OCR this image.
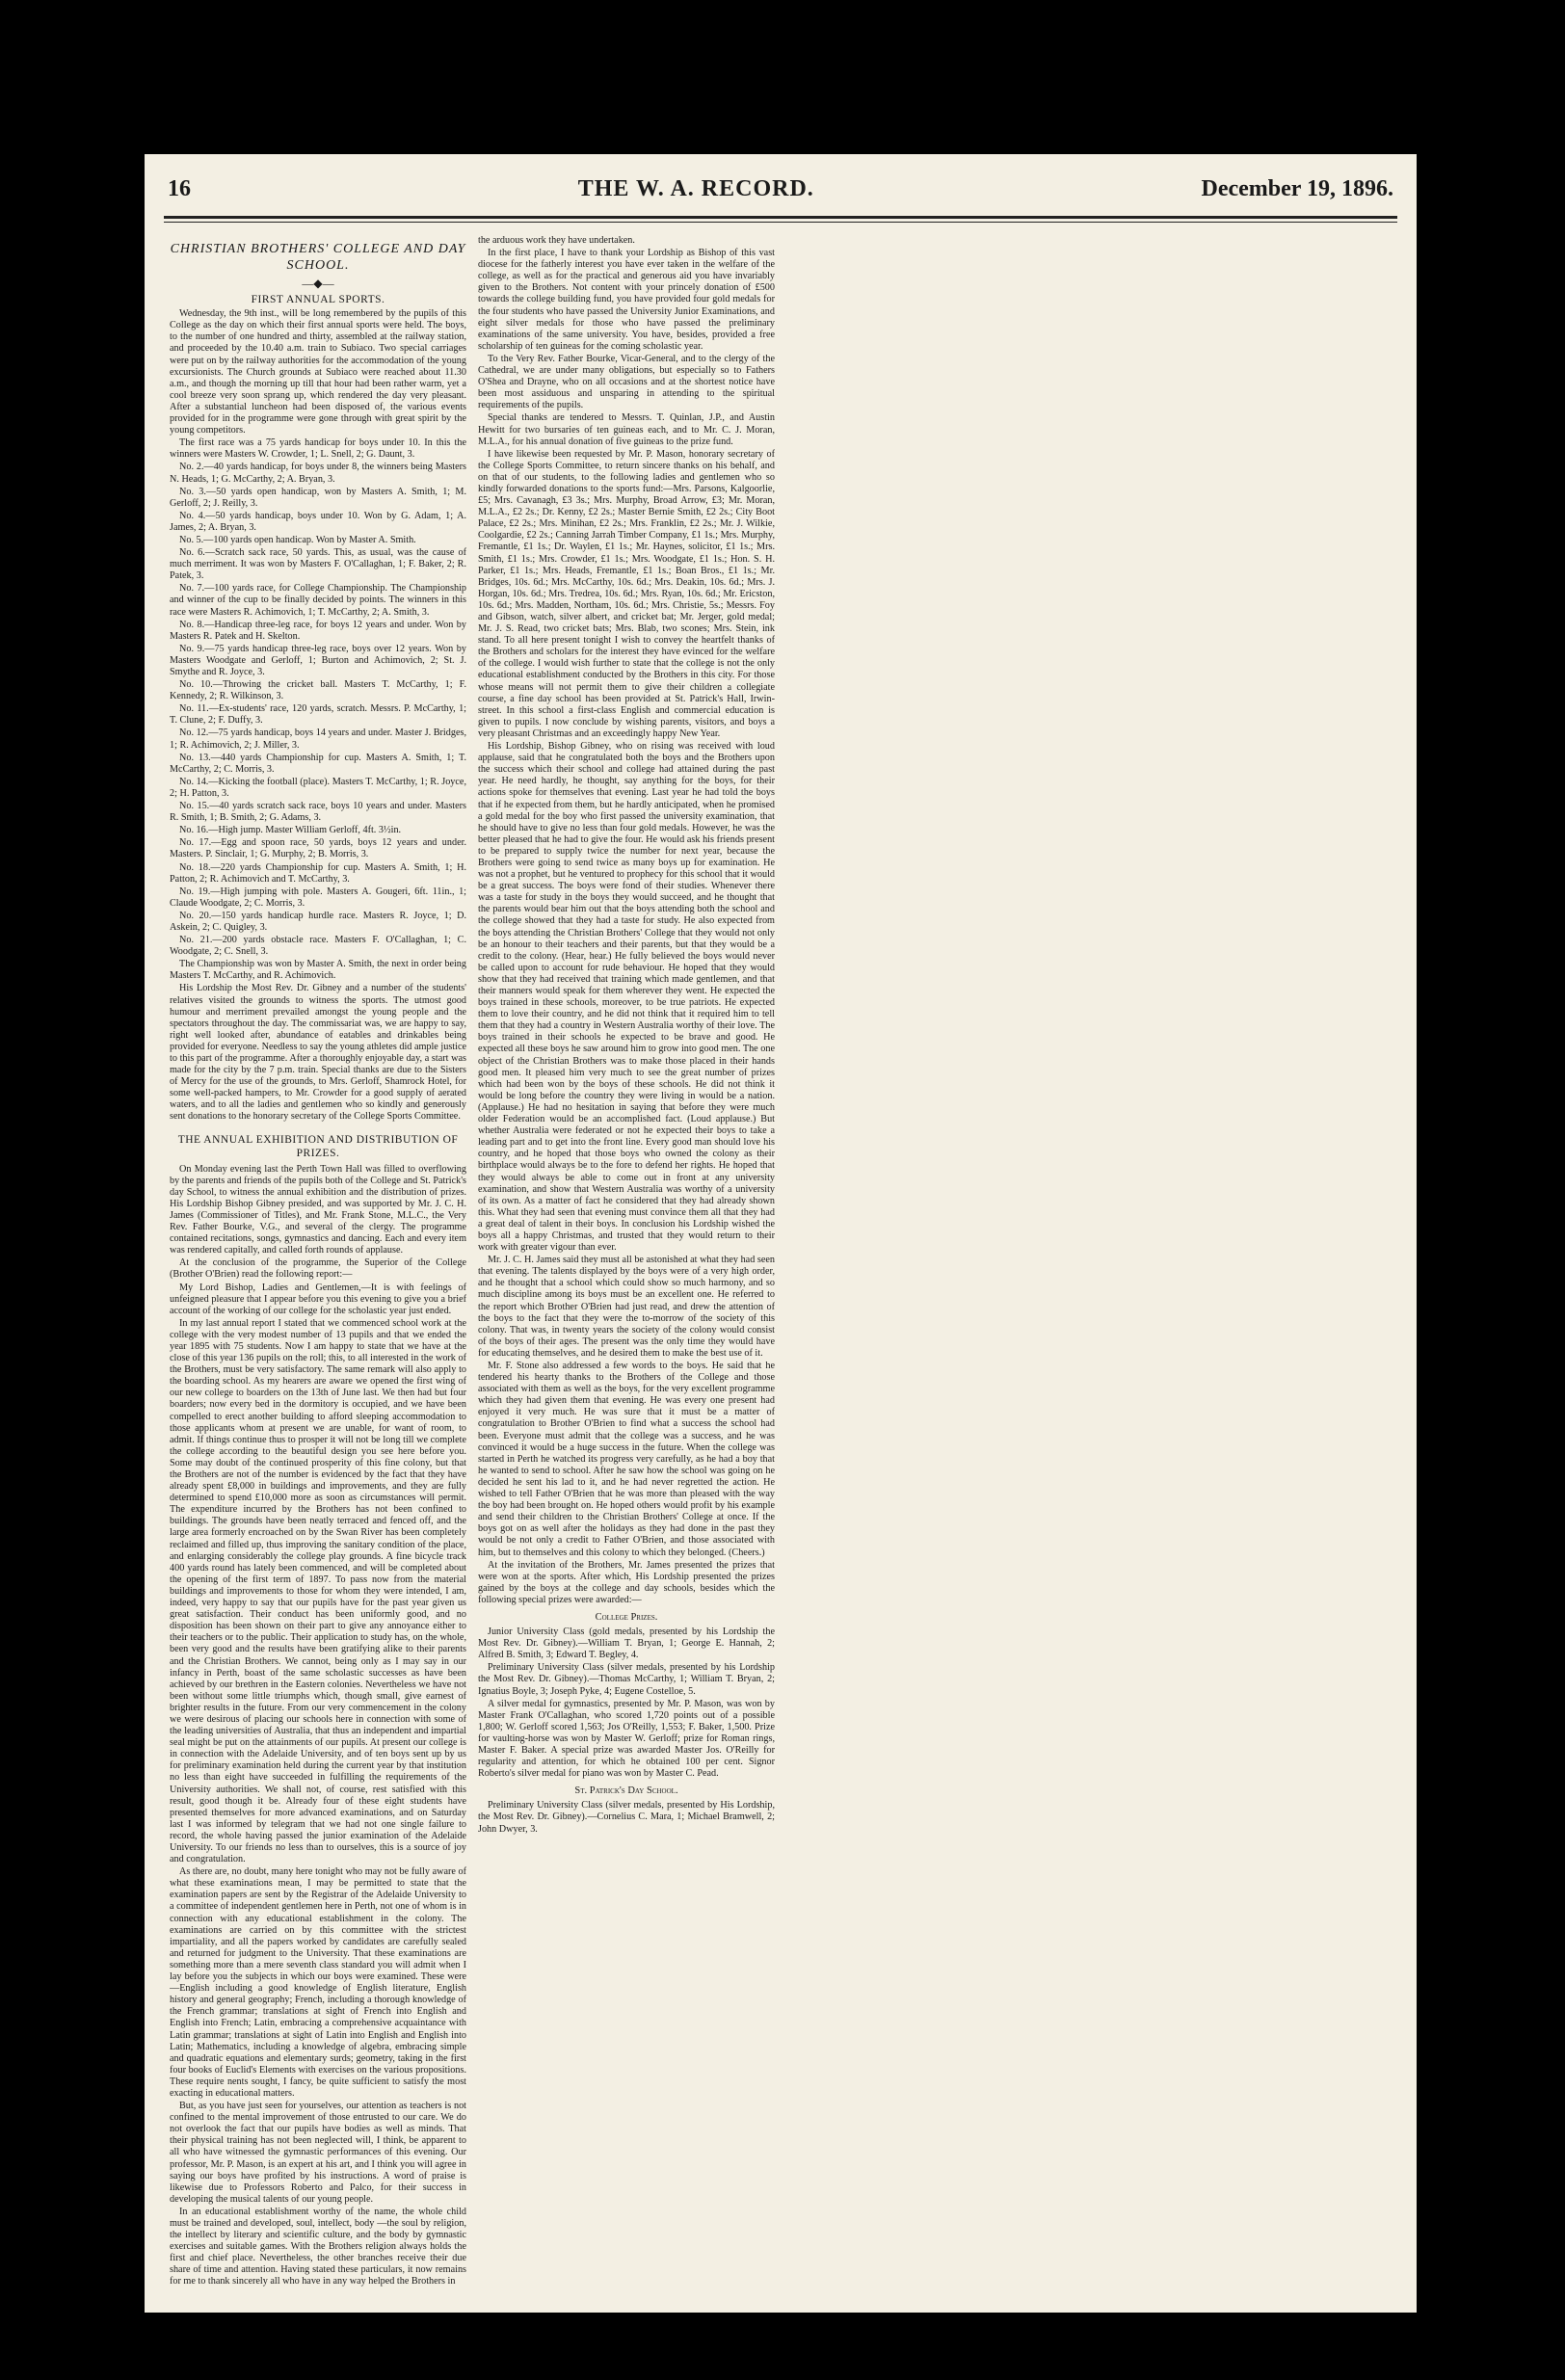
16	THE W. A. RECORD.	December 19, 1896.
CHRISTIAN BROTHERS' COLLEGE AND DAY SCHOOL.
—◆—
FIRST ANNUAL SPORTS.

Wednesday, the 9th inst., will be long remembered by the pupils of this College as the day on which their first annual sports were held. The boys, to the number of one hundred and thirty, assembled at the railway station, and proceeded by the 10.40 a.m. train to Subiaco. Two special carriages were put on by the railway authorities for the accommodation of the young excursionists. The Church grounds at Subiaco were reached about 11.30 a.m., and though the morning up till that hour had been rather warm, yet a cool breeze very soon sprang up, which rendered the day very pleasant. After a substantial luncheon had been disposed of, the various events provided for in the programme were gone through with great spirit by the young competitors.

The first race was a 75 yards handicap for boys under 10. In this the winners were Masters W. Crowder, 1; L. Snell, 2; G. Daunt, 3.

No. 2.—40 yards handicap, for boys under 8, the winners being Masters N. Heads, 1; G. McCarthy, 2; A. Bryan, 3.

No. 3.—50 yards open handicap, won by Masters A. Smith, 1; M. Gerloff, 2; J. Reilly, 3.

No. 4.—50 yards handicap, boys under 10. Won by G. Adam, 1; A. James, 2; A. Bryan, 3.

No. 5.—100 yards open handicap. Won by Master A. Smith.

No. 6.—Scratch sack race, 50 yards. This, as usual, was the cause of much merriment. It was won by Masters F. O'Callaghan, 1; F. Baker, 2; R. Patek, 3.

No. 7.—100 yards race, for College Championship. The Championship and winner of the cup to be finally decided by points. The winners in this race were Masters R. Achimovich, 1; T. McCarthy, 2; A. Smith, 3.

No. 8.—Handicap three-leg race, for boys 12 years and under. Won by Masters R. Patek and H. Skelton.

No. 9.—75 yards handicap three-leg race, boys over 12 years. Won by Masters Woodgate and Gerloff, 1; Burton and Achimovich, 2; St. J. Smythe and R. Joyce, 3.

No. 10.—Throwing the cricket ball. Masters T. McCarthy, 1; F. Kennedy, 2; R. Wilkinson, 3.

No. 11.—Ex-students' race, 120 yards, scratch. Messrs. P. McCarthy, 1; T. Clune, 2; F. Duffy, 3.

No. 12.—75 yards handicap, boys 14 years and under. Master J. Bridges, 1; R. Achimovich, 2; J. Miller, 3.

No. 13.—440 yards Championship for cup. Masters A. Smith, 1; T. McCarthy, 2; C. Morris, 3.

No. 14.—Kicking the football (place). Masters T. McCarthy, 1; R. Joyce, 2; H. Patton, 3.

No. 15.—40 yards scratch sack race, boys 10 years and under. Masters R. Smith, 1; B. Smith, 2; G. Adams, 3.

No. 16.—High jump. Master William Gerloff, 4ft. 3½in.

No. 17.—Egg and spoon race, 50 yards, boys 12 years and under. Masters. P. Sinclair, 1; G. Murphy, 2; B. Morris, 3.

No. 18.—220 yards Championship for cup. Masters A. Smith, 1; H. Patton, 2; R. Achimovich and T. McCarthy, 3.

No. 19.—High jumping with pole. Masters A. Gougeri, 6ft. 11in., 1; Claude Woodgate, 2; C. Morris, 3.

No. 20.—150 yards handicap hurdle race. Masters R. Joyce, 1; D. Askein, 2; C. Quigley, 3.

No. 21.—200 yards obstacle race. Masters F. O'Callaghan, 1; C. Woodgate, 2; C. Snell, 3.

The Championship was won by Master A. Smith, the next in order being Masters T. McCarthy, and R. Achimovich.

His Lordship the Most Rev. Dr. Gibney and a number of the students' relatives visited the grounds to witness the sports. The utmost good humour and merriment prevailed amongst the young people and the spectators throughout the day. The commissariat was, we are happy to say, right well looked after, abundance of eatables and drinkables being provided for everyone. Needless to say the young athletes did ample justice to this part of the programme. After a thoroughly enjoyable day, a start was made for the city by the 7 p.m. train. Special thanks are due to the Sisters of Mercy for the use of the grounds, to Mrs. Gerloff, Shamrock Hotel, for some well-packed hampers, to Mr. Crowder for a good supply of aerated waters, and to all the ladies and gentlemen who so kindly and generously sent donations to the honorary secretary of the College Sports Committee.

THE ANNUAL EXHIBITION AND DISTRIBUTION OF PRIZES.

On Monday evening last the Perth Town Hall was filled to overflowing by the parents and friends of the pupils both of the College and St. Patrick's day School, to witness the annual exhibition and the distribution of prizes. His Lordship Bishop Gibney presided, and was supported by Mr. J. C. H. James (Commissioner of Titles), and Mr. Frank Stone, M.L.C., the Very Rev. Father Bourke, V.G., and several of the clergy. The programme contained recitations, songs, gymnastics and dancing. Each and every item was rendered capitally, and called forth rounds of applause.

At the conclusion of the programme, the Superior of the College (Brother O'Brien) read the following report:—

My Lord Bishop, Ladies and Gentlemen,—It is with feelings of unfeigned pleasure that I appear before you this evening to give you a brief account of the working of our college for the scholastic year just ended.

In my last annual report I stated that we commenced school work at the college with the very modest number of 13 pupils and that we ended the year 1895 with 75 students. Now I am happy to state that we have at the close of this year 136 pupils on the roll; this, to all interested in the work of the Brothers, must be very satisfactory. The same remark will also apply to the boarding school. As my hearers are aware we opened the first wing of our new college to boarders on the 13th of June last. We then had but four boarders; now every bed in the dormitory is occupied, and we have been compelled to erect another building to afford sleeping accommodation to those applicants whom at present we are unable, for want of room, to admit. If things continue thus to prosper it will not be long till we complete the college according to the beautiful design you see here before you. Some may doubt of the continued prosperity of this fine colony, but that the Brothers are not of the number is evidenced by the fact that they have already spent £8,000 in buildings and improvements, and they are fully determined to spend £10,000 more as soon as circumstances will permit. The expenditure incurred by the Brothers has not been confined to buildings. The grounds have been neatly terraced and fenced off, and the large area formerly encroached on by the Swan River has been completely reclaimed and filled up, thus improving the sanitary condition of the place, and enlarging considerably the college play grounds. A fine bicycle track 400 yards round has lately been commenced, and will be completed about the opening of the first term of 1897. To pass now from the material buildings and improvements to those for whom they were intended, I am, indeed, very happy to say that our pupils have for the past year given us great satisfaction. Their conduct has been uniformly good, and no disposition has been shown on their part to give any annoyance either to their teachers or to the public. Their application to study has, on the whole, been very good and the results have been gratifying alike to their parents and the Christian Brothers. We cannot, being only as I may say in our infancy in Perth, boast of the same scholastic successes as have been achieved by our brethren in the Eastern colonies. Nevertheless we have not been without some little triumphs which, though small, give earnest of brighter results in the future. From our very commencement in the colony we were desirous of placing our schools here in connection with some of the leading universities of Australia, that thus an independent and impartial seal might be put on the attainments of our pupils. At present our college is in connection with the Adelaide University, and of ten boys sent up by us for preliminary examination held during the current year by that institution no less than eight have succeeded in fulfilling the requirements of the University authorities. We shall not, of course, rest satisfied with this result, good though it be. Already four of these eight students have presented themselves for more advanced examinations, and on Saturday last I was informed by telegram that we had not one single failure to record, the whole having passed the junior examination of the Adelaide University. To our friends no less than to ourselves, this is a source of joy and congratulation.

As there are, no doubt, many here tonight who may not be fully aware of what these examinations mean, I may be permitted to state that the examination papers are sent by the Registrar of the Adelaide University to a committee of independent gentlemen here in Perth, not one of whom is in connection with any educational establishment in the colony. The examinations are carried on by this committee with the strictest impartiality, and all the papers worked by candidates are carefully sealed and returned for judgment to the University. That these examinations are something more than a mere seventh class standard you will admit when I lay before you the subjects in which our boys were examined. These were—English including a good knowledge of English literature, English history and general geography; French, including a thorough knowledge of the French grammar; translations at sight of French into English and English into French; Latin, embracing a comprehensive acquaintance with Latin grammar; translations at sight of Latin into English and English into Latin; Mathematics, including a knowledge of algebra, embracing simple and quadratic equations and elementary surds; geometry, taking in the first four books of Euclid's Elements with exercises on the various propositions. These require nents sought, I fancy, be quite sufficient to satisfy the most exacting in educational matters.

But, as you have just seen for yourselves, our attention as teachers is not confined to the mental improvement of those entrusted to our care. We do not overlook the fact that our pupils have bodies as well as minds. That their physical training has not been neglected will, I think, be apparent to all who have witnessed the gymnastic performances of this evening. Our professor, Mr. P. Mason, is an expert at his art, and I think you will agree in saying our boys have profited by his instructions. A word of praise is likewise due to Professors Roberto and Palco, for their success in developing the musical talents of our young people.

In an educational establishment worthy of the name, the whole child must be trained and developed, soul, intellect, body —the soul by religion, the intellect by literary and scientific culture, and the body by gymnastic exercises and suitable games. With the Brothers religion always holds the first and chief place. Nevertheless, the other branches receive their due share of time and attention. Having stated these particulars, it now remains for me to thank sincerely all who have in any way helped the Brothers in

the arduous work they have undertaken.

In the first place, I have to thank your Lordship as Bishop of this vast diocese for the fatherly interest you have ever taken in the welfare of the college, as well as for the practical and generous aid you have invariably given to the Brothers. Not content with your princely donation of £500 towards the college building fund, you have provided four gold medals for the four students who have passed the University Junior Examinations, and eight silver medals for those who have passed the preliminary examinations of the same university. You have, besides, provided a free scholarship of ten guineas for the coming scholastic year.

To the Very Rev. Father Bourke, Vicar-General, and to the clergy of the Cathedral, we are under many obligations, but especially so to Fathers O'Shea and Drayne, who on all occasions and at the shortest notice have been most assiduous and unsparing in attending to the spiritual requirements of the pupils.

Special thanks are tendered to Messrs. T. Quinlan, J.P., and Austin Hewitt for two bursaries of ten guineas each, and to Mr. C. J. Moran, M.L.A., for his annual donation of five guineas to the prize fund.

I have likewise been requested by Mr. P. Mason, honorary secretary of the College Sports Committee, to return sincere thanks on his behalf, and on that of our students, to the following ladies and gentlemen who so kindly forwarded donations to the sports fund:—Mrs. Parsons, Kalgoorlie, £5; Mrs. Cavanagh, £3 3s.; Mrs. Murphy, Broad Arrow, £3; Mr. Moran, M.L.A., £2 2s.; Dr. Kenny, £2 2s.; Master Bernie Smith, £2 2s.; City Boot Palace, £2 2s.; Mrs. Minihan, £2 2s.; Mrs. Franklin, £2 2s.; Mr. J. Wilkie, Coolgardie, £2 2s.; Canning Jarrah Timber Company, £1 1s.; Mrs. Murphy, Fremantle, £1 1s.; Dr. Waylen, £1 1s.; Mr. Haynes, solicitor, £1 1s.; Mrs. Smith, £1 1s.; Mrs. Crowder, £1 1s.; Mrs. Woodgate, £1 1s.; Hon. S. H. Parker, £1 1s.; Mrs. Heads, Fremantle, £1 1s.; Boan Bros., £1 1s.; Mr. Bridges, 10s. 6d.; Mrs. McCarthy, 10s. 6d.; Mrs. Deakin, 10s. 6d.; Mrs. J. Horgan, 10s. 6d.; Mrs. Tredrea, 10s. 6d.; Mrs. Ryan, 10s. 6d.; Mr. Ericston, 10s. 6d.; Mrs. Madden, Northam, 10s. 6d.; Mrs. Christie, 5s.; Messrs. Foy and Gibson, watch, silver albert, and cricket bat; Mr. Jerger, gold medal; Mr. J. S. Read, two cricket bats; Mrs. Blab, two scones; Mrs. Stein, ink stand. To all here present tonight I wish to convey the heartfelt thanks of the Brothers and scholars for the interest they have evinced for the welfare of the college. I would wish further to state that the college is not the only educational establishment conducted by the Brothers in this city. For those whose means will not permit them to give their children a collegiate course, a fine day school has been provided at St. Patrick's Hall, Irwin-street. In this school a first-class English and commercial education is given to pupils. I now conclude by wishing parents, visitors, and boys a very pleasant Christmas and an exceedingly happy New Year.

His Lordship, Bishop Gibney, who on rising was received with loud applause, said that he congratulated both the boys and the Brothers upon the success which their school and college had attained during the past year. He need hardly, he thought, say anything for the boys, for their actions spoke for themselves that evening. Last year he had told the boys that if he expected from them, but he hardly anticipated, when he promised a gold medal for the boy who first passed the university examination, that he should have to give no less than four gold medals. However, he was the better pleased that he had to give the four. He would ask his friends present to be prepared to supply twice the number for next year, because the Brothers were going to send twice as many boys up for examination. He was not a prophet, but he ventured to prophecy for this school that it would be a great success. The boys were fond of their studies. Whenever there was a taste for study in the boys they would succeed, and he thought that the parents would bear him out that the boys attending both the school and the college showed that they had a taste for study. He also expected from the boys attending the Christian Brothers' College that they would not only be an honour to their teachers and their parents, but that they would be a credit to the colony. (Hear, hear.) He fully believed the boys would never be called upon to account for rude behaviour. He hoped that they would show that they had received that training which made gentlemen, and that their manners would speak for them wherever they went. He expected the boys trained in these schools, moreover, to be true patriots. He expected them to love their country, and he did not think that it required him to tell them that they had a country in Western Australia worthy of their love. The boys trained in their schools he expected to be brave and good. He expected all these boys he saw around him to grow into good men. The one object of the Christian Brothers was to make those placed in their hands good men. It pleased him very much to see the great number of prizes which had been won by the boys of these schools. He did not think it would be long before the country they were living in would be a nation. (Applause.) He had no hesitation in saying that before they were much older Federation would be an accomplished fact. (Loud applause.) But whether Australia were federated or not he expected their boys to take a leading part and to get into the front line. Every good man should love his country, and he hoped that those boys who owned the colony as their birthplace would always be to the fore to defend her rights. He hoped that they would always be able to come out in front at any university examination, and show that Western Australia was worthy of a university of its own. As a matter of fact he considered that they had already shown this. What they had seen that evening must convince them all that they had a great deal of talent in their boys. In conclusion his Lordship wished the boys all a happy Christmas, and trusted that they would return to their work with greater vigour than ever.

Mr. J. C. H. James said they must all be astonished at what they had seen that evening. The talents displayed by the boys were of a very high order, and he thought that a school which could show so much harmony, and so much discipline among its boys must be an excellent one. He referred to the report which Brother O'Brien had just read, and drew the attention of the boys to the fact that they were the to-morrow of the society of this colony. That was, in twenty years the society of the colony would consist of the boys of their ages. The present was the only time they would have for educating themselves, and he desired them to make the best use of it.

Mr. F. Stone also addressed a few words to the boys. He said that he tendered his hearty thanks to the Brothers of the College and those associated with them as well as the boys, for the very excellent programme which they had given them that evening. He was every one present had enjoyed it very much. He was sure that it must be a matter of congratulation to Brother O'Brien to find what a success the school had been. Everyone must admit that the college was a success, and he was convinced it would be a huge success in the future. When the college was started in Perth he watched its progress very carefully, as he had a boy that he wanted to send to school. After he saw how the school was going on he decided he sent his lad to it, and he had never regretted the action. He wished to tell Father O'Brien that he was more than pleased with the way the boy had been brought on. He hoped others would profit by his example and send their children to the Christian Brothers' College at once. If the boys got on as well after the holidays as they had done in the past they would be not only a credit to Father O'Brien, and those associated with him, but to themselves and this colony to which they belonged. (Cheers.)

At the invitation of the Brothers, Mr. James presented the prizes that were won at the sports. After which, His Lordship presented the prizes gained by the boys at the college and day schools, besides which the following special prizes were awarded:—

College Prizes.

Junior University Class (gold medals, presented by his Lordship the Most Rev. Dr. Gibney).—William T. Bryan, 1; George E. Hannah, 2; Alfred B. Smith, 3; Edward T. Begley, 4.

Preliminary University Class (silver medals, presented by his Lordship the Most Rev. Dr. Gibney).—Thomas McCarthy, 1; William T. Bryan, 2; Ignatius Boyle, 3; Joseph Pyke, 4; Eugene Costelloe, 5.

A silver medal for gymnastics, presented by Mr. P. Mason, was won by Master Frank O'Callaghan, who scored 1,720 points out of a possible 1,800; W. Gerloff scored 1,563; Jos O'Reilly, 1,553; F. Baker, 1,500. Prize for vaulting-horse was won by Master W. Gerloff; prize for Roman rings, Master F. Baker. A special prize was awarded Master Jos. O'Reilly for regularity and attention, for which he obtained 100 per cent. Signor Roberto's silver medal for piano was won by Master C. Pead.

St. Patrick's Day School.

Preliminary University Class (silver medals, presented by His Lordship, the Most Rev. Dr. Gibney).—Cornelius C. Mara, 1; Michael Bramwell, 2; John Dwyer, 3.
